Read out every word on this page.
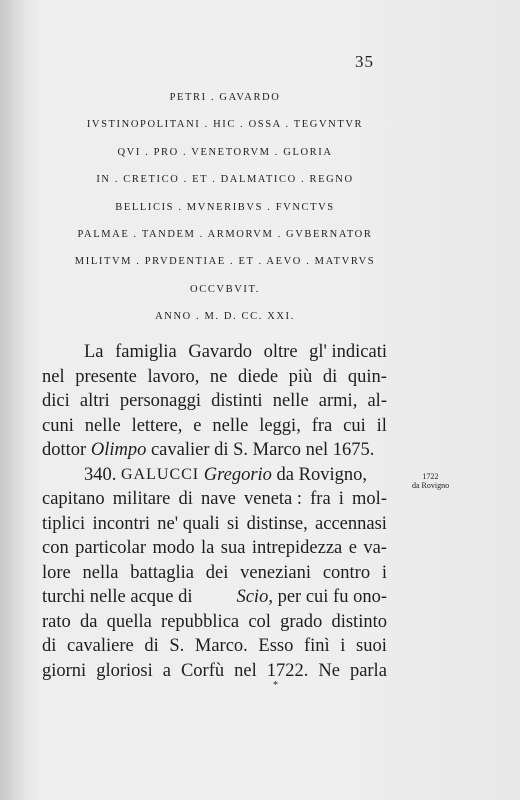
35
PETRI . GAVARDO
IVSTINOPOLITANI . HIC . OSSA . TEGVNTVR
QVI . PRO . VENETORVM . GLORIA
IN . CRETICO . ET . DALMATICO . REGNO
BELLICIS . MVNERIBVS . FVNCTVS
PALMAE . TANDEM . ARMORVM . GVBERNATOR
MILITVM . PRVDENTIAE . ET . AEVO . MATVRVS
OCCVBVIT.
ANNO . M. D. CC. XXI.
La famiglia Gavardo oltre gl' indicati
nel presente lavoro, ne diede più di quin-
dici altri personaggi distinti nelle armi, al-
cuni nelle lettere, e nelle leggi, fra cui il
dottor
Olimpo
cavalier di S. Marco nel 1675.
340.
GALUCCI
Gregorio
da Rovigno,
capitano militare di nave veneta : fra i mol-
tiplici incontri ne' quali si distinse, accennasi
con particolar modo la sua intrepidezza e va-
lore nella battaglia dei veneziani contro i
turchi nelle acque di Scio, per cui fu ono-
rato da quella repubblica col grado distinto
di cavaliere di S. Marco. Esso finì i suoi
giorni gloriosi a Corfù nel 1722. Ne parla
1722
da Rovigno
*
